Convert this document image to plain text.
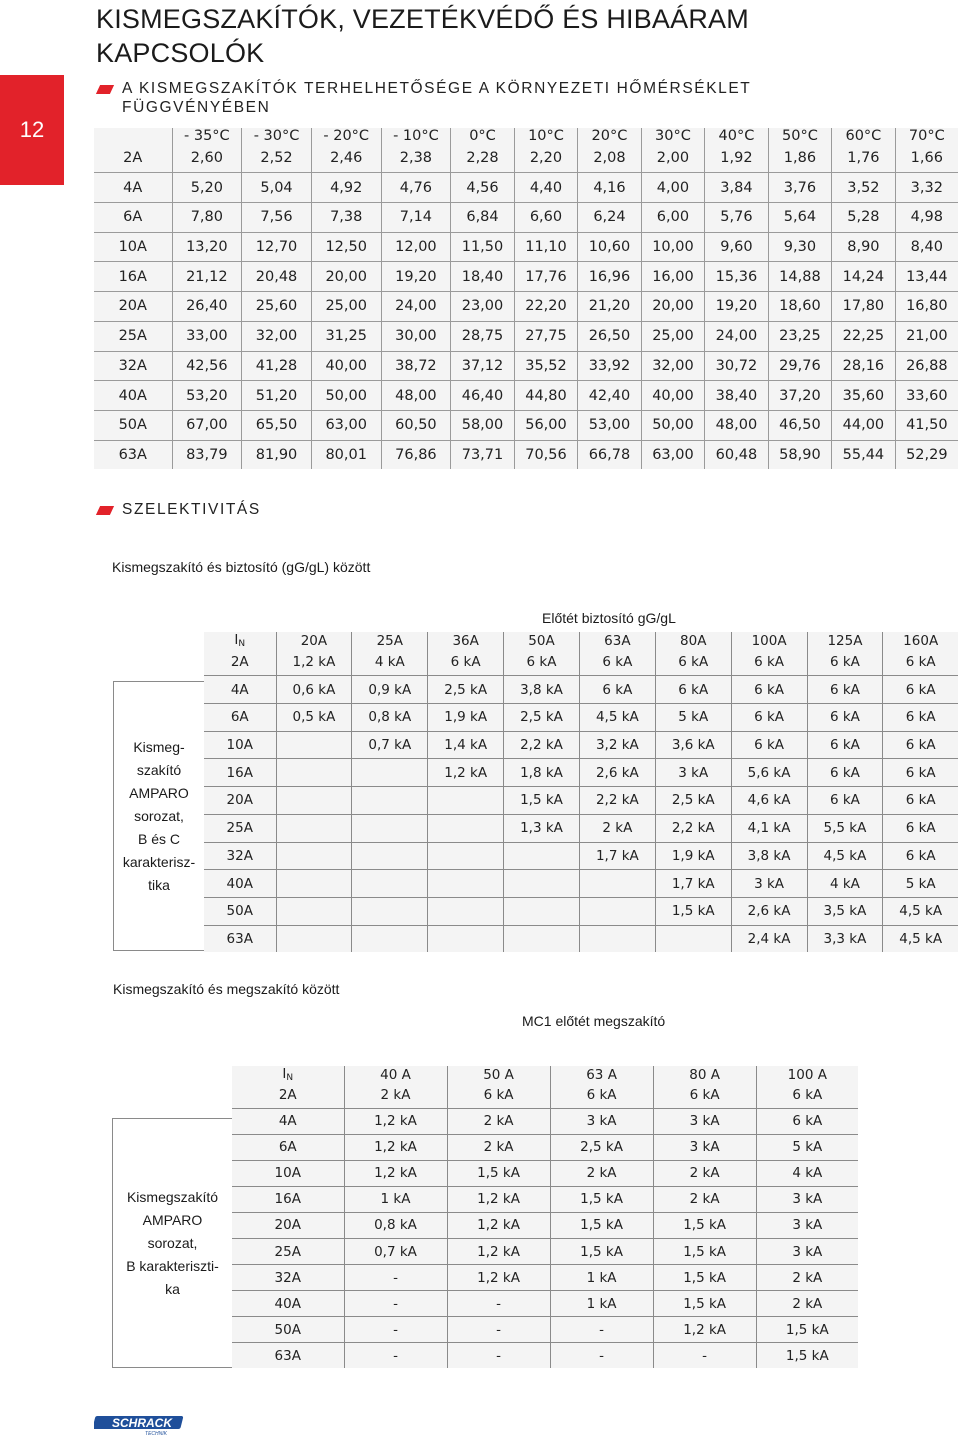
12
KISMEGSZAKÍTÓK, VEZETÉKVÉDŐ ÉS HIBAÁRAM KAPCSOLÓK
A KISMEGSZAKÍTÓK TERHELHETŐSÉGE A KÖRNYEZETI HŐMÉRSÉKLET FÜGGVÉNYÉBEN
	- 35°C	- 30°C	- 20°C	- 10°C	0°C	10°C	20°C	30°C	40°C	50°C	60°C	70°C
2A	2,60	2,52	2,46	2,38	2,28	2,20	2,08	2,00	1,92	1,86	1,76	1,66
4A	5,20	5,04	4,92	4,76	4,56	4,40	4,16	4,00	3,84	3,76	3,52	3,32
6A	7,80	7,56	7,38	7,14	6,84	6,60	6,24	6,00	5,76	5,64	5,28	4,98
10A	13,20	12,70	12,50	12,00	11,50	11,10	10,60	10,00	9,60	9,30	8,90	8,40
16A	21,12	20,48	20,00	19,20	18,40	17,76	16,96	16,00	15,36	14,88	14,24	13,44
20A	26,40	25,60	25,00	24,00	23,00	22,20	21,20	20,00	19,20	18,60	17,80	16,80
25A	33,00	32,00	31,25	30,00	28,75	27,75	26,50	25,00	24,00	23,25	22,25	21,00
32A	42,56	41,28	40,00	38,72	37,12	35,52	33,92	32,00	30,72	29,76	28,16	26,88
40A	53,20	51,20	50,00	48,00	46,40	44,80	42,40	40,00	38,40	37,20	35,60	33,60
50A	67,00	65,50	63,00	60,50	58,00	56,00	53,00	50,00	48,00	46,50	44,00	41,50
63A	83,79	81,90	80,01	76,86	73,71	70,56	66,78	63,00	60,48	58,90	55,44	52,29
SZELEKTIVITÁS
Kismegszakító és biztosító (gG/gL) között
Előtét biztosító gG/gL
Kismeg-
szakító
AMPARO
sorozat,
B és C
karakterisz-
tika
IN	20A	25A	36A	50A	63A	80A	100A	125A	160A
2A	1,2 kA	4 kA	6 kA	6 kA	6 kA	6 kA	6 kA	6 kA	6 kA
4A	0,6 kA	0,9 kA	2,5 kA	3,8 kA	6 kA	6 kA	6 kA	6 kA	6 kA
6A	0,5 kA	0,8 kA	1,9 kA	2,5 kA	4,5 kA	5 kA	6 kA	6 kA	6 kA
10A		0,7 kA	1,4 kA	2,2 kA	3,2 kA	3,6 kA	6 kA	6 kA	6 kA
16A			1,2 kA	1,8 kA	2,6 kA	3 kA	5,6 kA	6 kA	6 kA
20A				1,5 kA	2,2 kA	2,5 kA	4,6 kA	6 kA	6 kA
25A				1,3 kA	2 kA	2,2 kA	4,1 kA	5,5 kA	6 kA
32A					1,7 kA	1,9 kA	3,8 kA	4,5 kA	6 kA
40A						1,7 kA	3 kA	4 kA	5 kA
50A						1,5 kA	2,6 kA	3,5 kA	4,5 kA
63A							2,4 kA	3,3 kA	4,5 kA
Kismegszakító és megszakító között
MC1 előtét megszakító
Kismegszakító
AMPARO
sorozat,
B karakteriszti-
ka
IN	40 A	50 A	63 A	80 A	100 A
2A	2 kA	6 kA	6 kA	6 kA	6 kA
4A	1,2 kA	2 kA	3 kA	3 kA	6 kA
6A	1,2 kA	2 kA	2,5 kA	3 kA	5 kA
10A	1,2 kA	1,5 kA	2 kA	2 kA	4 kA
16A	1 kA	1,2 kA	1,5 kA	2 kA	3 kA
20A	0,8 kA	1,2 kA	1,5 kA	1,5 kA	3 kA
25A	0,7 kA	1,2 kA	1,5 kA	1,5 kA	3 kA
32A	-	1,2 kA	1 kA	1,5 kA	2 kA
40A	-	-	1 kA	1,5 kA	2 kA
50A	-	-	-	1,2 kA	1,5 kA
63A	-	-	-	-	1,5 kA
SCHRACK
TECHNIK
